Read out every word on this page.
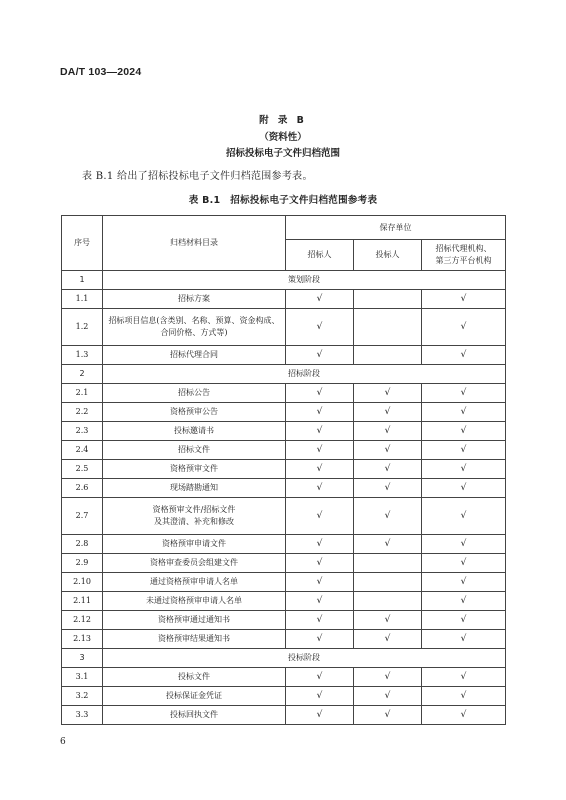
DA/T 103—2024
附 录 B
（资料性）
招标投标电子文件归档范围
表 B.1 给出了招标投标电子文件归档范围参考表。
表 B.1　招标投标电子文件归档范围参考表
序号	归档材料目录	保存单位		
		招标人	投标人	招标代理机构、
第三方平台机构

1	策划阶段			
1.1	招标方案	√		√
1.2	招标项目信息(含类别、名称、预算、资金构成、
合同价格、方式等)	√		√
1.3	招标代理合同	√		√
2	招标阶段			
2.1	招标公告	√	√	√
2.2	资格预审公告	√	√	√
2.3	投标邀请书	√	√	√
2.4	招标文件	√	√	√
2.5	资格预审文件	√	√	√
2.6	现场踏勘通知	√	√	√
2.7	资格预审文件/招标文件
及其澄清、补充和修改	√	√	√
2.8	资格预审申请文件	√	√	√
2.9	资格审查委员会组建文件	√		√
2.10	通过资格预审申请人名单	√		√
2.11	未通过资格预审申请人名单	√		√
2.12	资格预审通过通知书	√	√	√
2.13	资格预审结果通知书	√	√	√
3	投标阶段			
3.1	投标文件	√	√	√
3.2	投标保证金凭证	√	√	√
3.3	投标回执文件	√	√	√
6
